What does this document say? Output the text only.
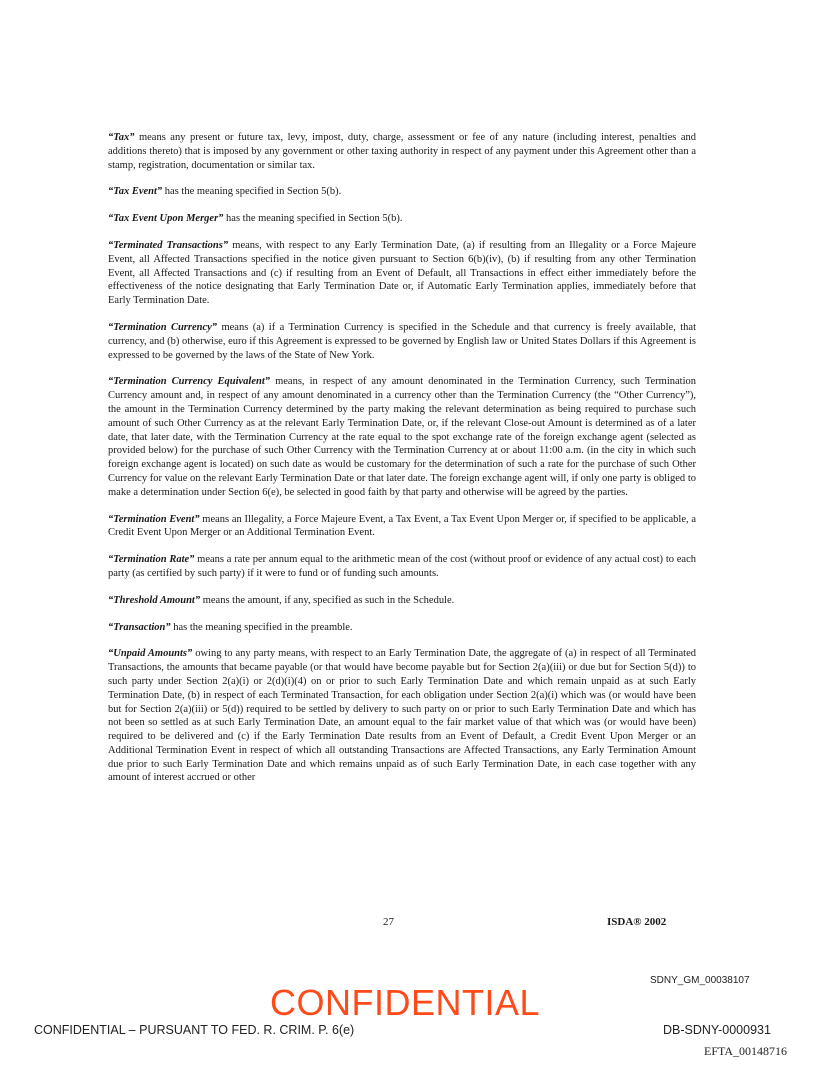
“Tax” means any present or future tax, levy, impost, duty, charge, assessment or fee of any nature (including interest, penalties and additions thereto) that is imposed by any government or other taxing authority in respect of any payment under this Agreement other than a stamp, registration, documentation or similar tax.

“Tax Event” has the meaning specified in Section 5(b).

“Tax Event Upon Merger” has the meaning specified in Section 5(b).

“Terminated Transactions” means, with respect to any Early Termination Date, (a) if resulting from an Illegality or a Force Majeure Event, all Affected Transactions specified in the notice given pursuant to Section 6(b)(iv), (b) if resulting from any other Termination Event, all Affected Transactions and (c) if resulting from an Event of Default, all Transactions in effect either immediately before the effectiveness of the notice designating that Early Termination Date or, if Automatic Early Termination applies, immediately before that Early Termination Date.

“Termination Currency” means (a) if a Termination Currency is specified in the Schedule and that currency is freely available, that currency, and (b) otherwise, euro if this Agreement is expressed to be governed by English law or United States Dollars if this Agreement is expressed to be governed by the laws of the State of New York.

“Termination Currency Equivalent” means, in respect of any amount denominated in the Termination Currency, such Termination Currency amount and, in respect of any amount denominated in a currency other than the Termination Currency (the “Other Currency”), the amount in the Termination Currency determined by the party making the relevant determination as being required to purchase such amount of such Other Currency as at the relevant Early Termination Date, or, if the relevant Close-out Amount is determined as of a later date, that later date, with the Termination Currency at the rate equal to the spot exchange rate of the foreign exchange agent (selected as provided below) for the purchase of such Other Currency with the Termination Currency at or about 11:00 a.m. (in the city in which such foreign exchange agent is located) on such date as would be customary for the determination of such a rate for the purchase of such Other Currency for value on the relevant Early Termination Date or that later date. The foreign exchange agent will, if only one party is obliged to make a determination under Section 6(e), be selected in good faith by that party and otherwise will be agreed by the parties.

“Termination Event” means an Illegality, a Force Majeure Event, a Tax Event, a Tax Event Upon Merger or, if specified to be applicable, a Credit Event Upon Merger or an Additional Termination Event.

“Termination Rate” means a rate per annum equal to the arithmetic mean of the cost (without proof or evidence of any actual cost) to each party (as certified by such party) if it were to fund or of funding such amounts.

“Threshold Amount” means the amount, if any, specified as such in the Schedule.

“Transaction” has the meaning specified in the preamble.

“Unpaid Amounts” owing to any party means, with respect to an Early Termination Date, the aggregate of (a) in respect of all Terminated Transactions, the amounts that became payable (or that would have become payable but for Section 2(a)(iii) or due but for Section 5(d)) to such party under Section 2(a)(i) or 2(d)(i)(4) on or prior to such Early Termination Date and which remain unpaid as at such Early Termination Date, (b) in respect of each Terminated Transaction, for each obligation under Section 2(a)(i) which was (or would have been but for Section 2(a)(iii) or 5(d)) required to be settled by delivery to such party on or prior to such Early Termination Date and which has not been so settled as at such Early Termination Date, an amount equal to the fair market value of that which was (or would have been) required to be delivered and (c) if the Early Termination Date results from an Event of Default, a Credit Event Upon Merger or an Additional Termination Event in respect of which all outstanding Transactions are Affected Transactions, any Early Termination Amount due prior to such Early Termination Date and which remains unpaid as of such Early Termination Date, in each case together with any amount of interest accrued or other

27	ISDA® 2002
SDNY_GM_00038107
CONFIDENTIAL
CONFIDENTIAL – PURSUANT TO FED. R. CRIM. P. 6(e)	DB-SDNY-0000931
EFTA_00148716
